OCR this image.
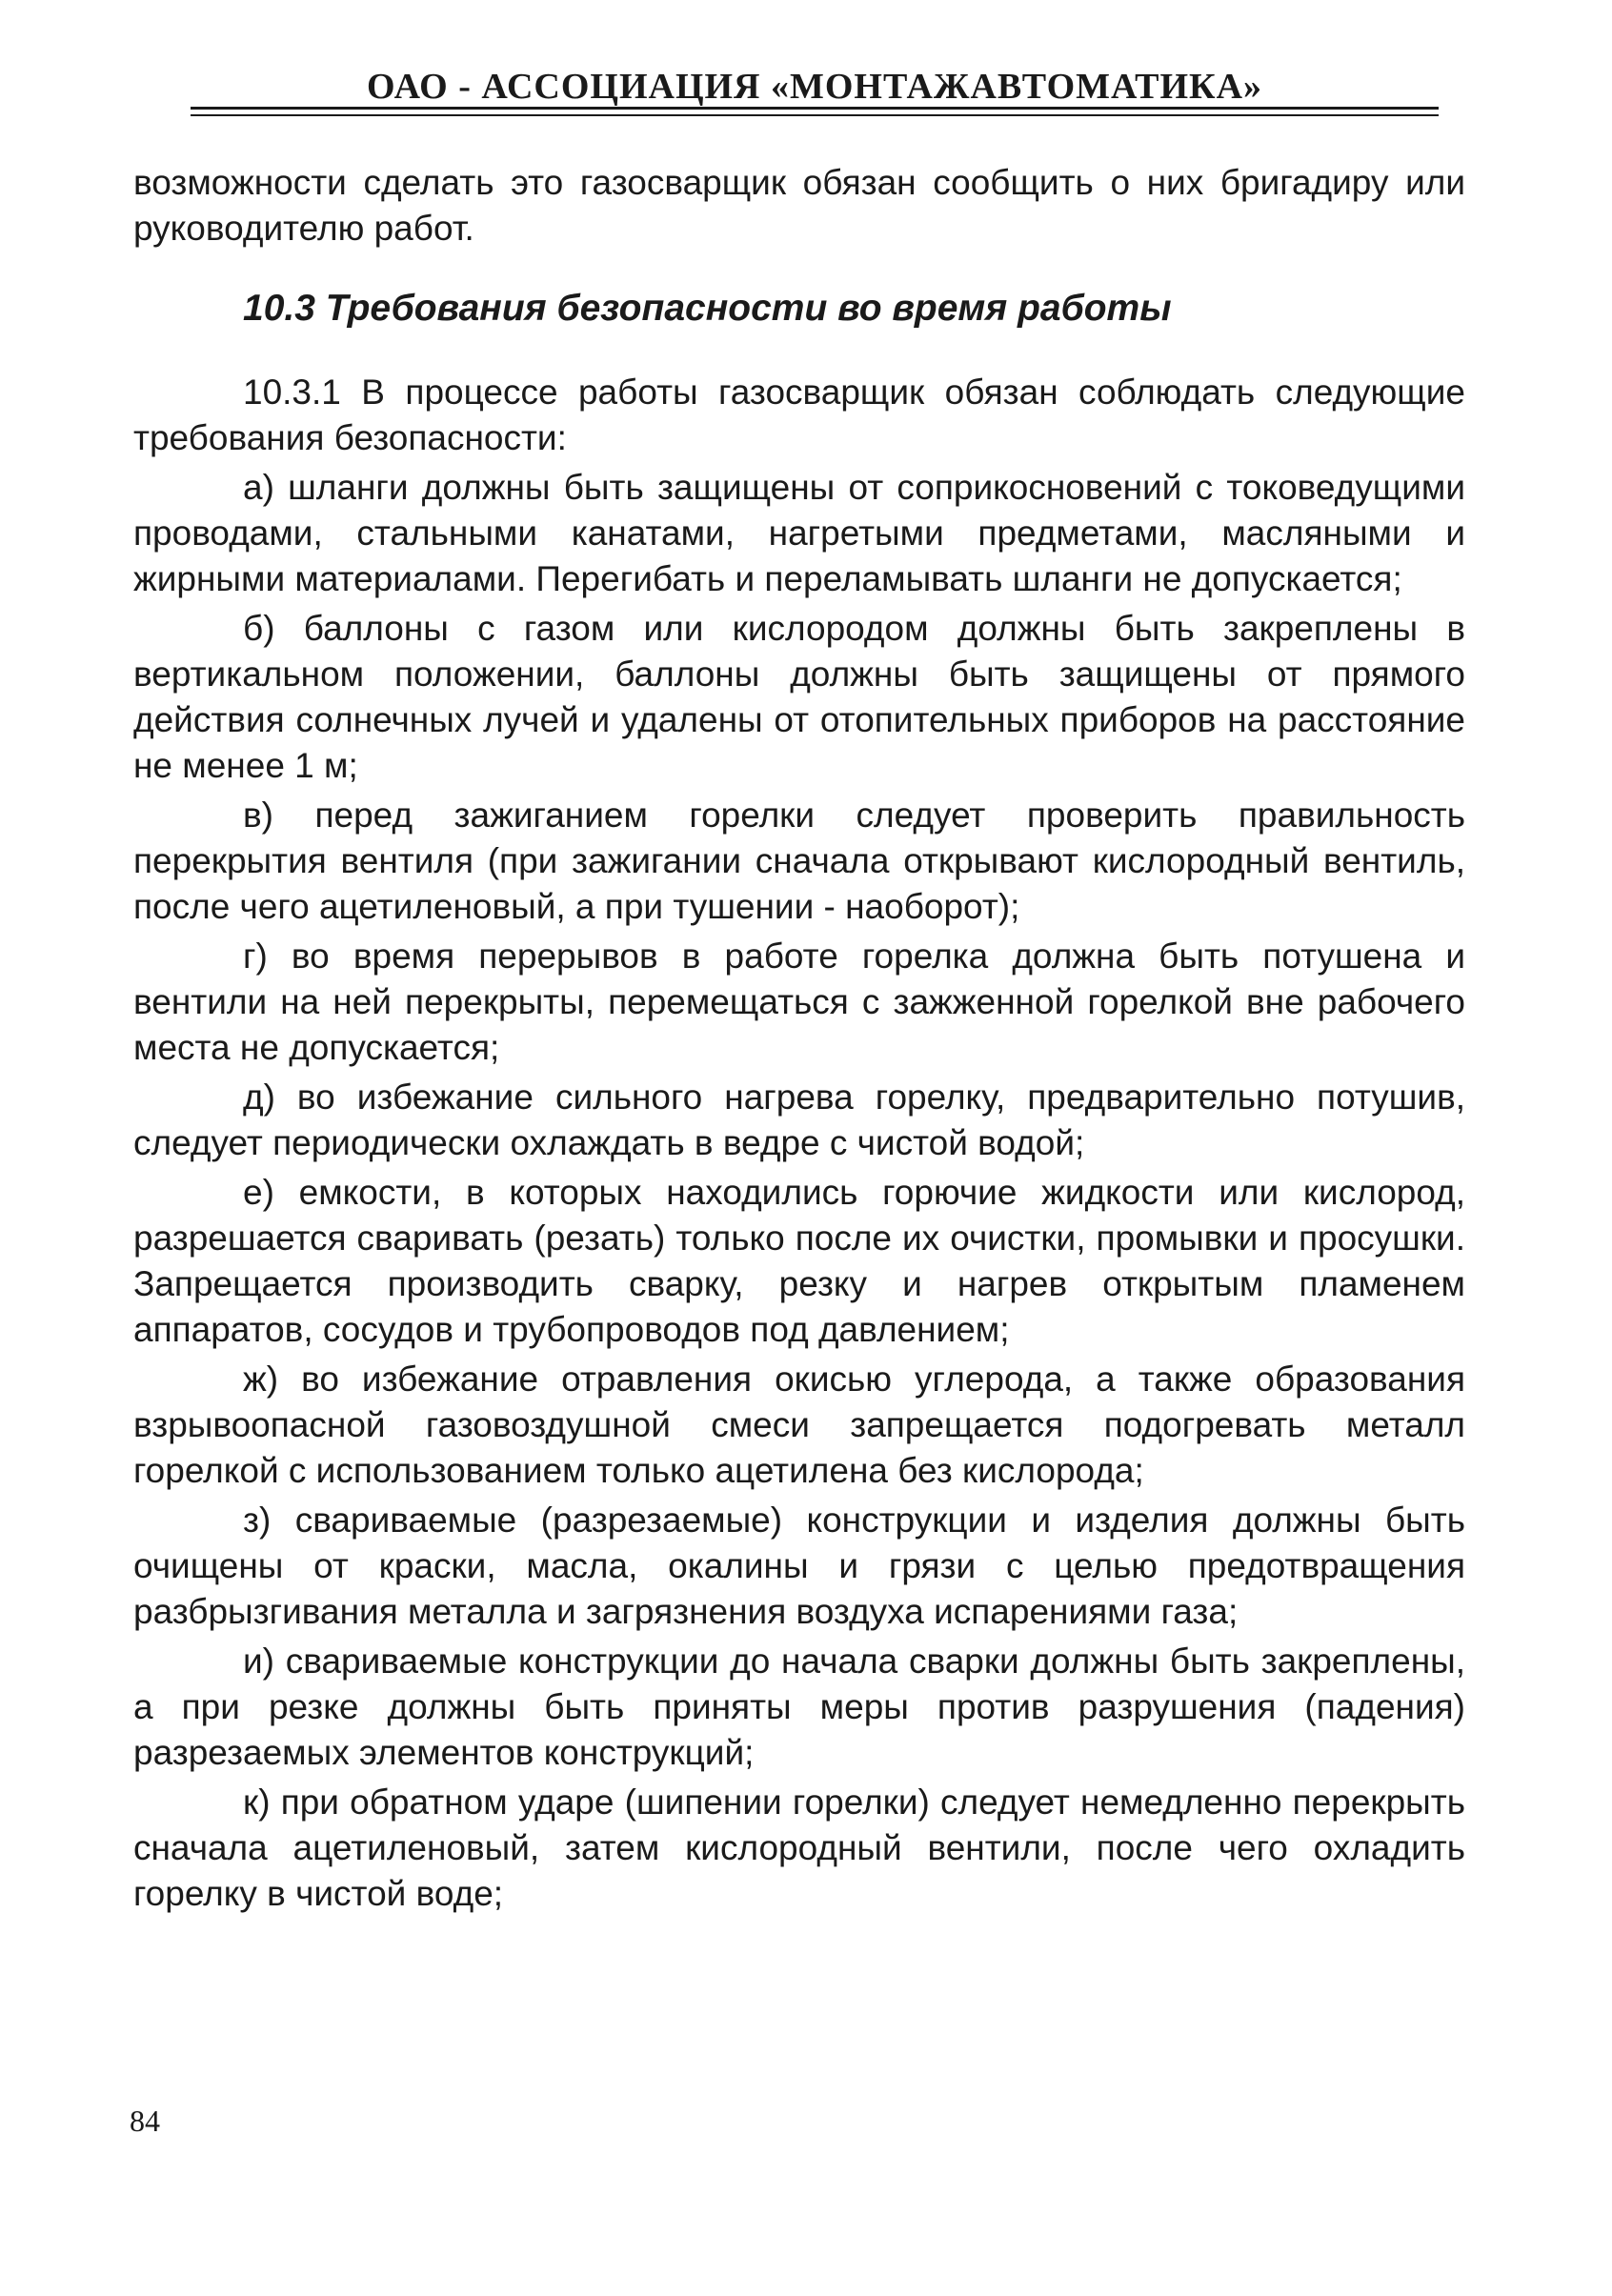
ОАО - АССОЦИАЦИЯ «МОНТАЖАВТОМАТИКА»

возможности сделать это газосварщик обязан сообщить о них бригадиру или руководителю работ.

10.3 Требования безопасности во время работы

10.3.1 В процессе работы газосварщик обязан соблюдать следующие требования безопасности:

а) шланги должны быть защищены от соприкосновений с токоведущими проводами, стальными канатами, нагретыми предметами, масляными и жирными материалами. Перегибать и переламывать шланги не допускается;

б) баллоны с газом или кислородом должны быть закреплены в вертикальном положении, баллоны должны быть защищены от прямого действия солнечных лучей и удалены от отопительных приборов на расстояние не менее 1 м;

в) перед зажиганием горелки следует проверить правильность перекрытия вентиля (при зажигании сначала открывают кислородный вентиль, после чего ацетиленовый, а при тушении - наоборот);

г) во время перерывов в работе горелка должна быть потушена и вентили на ней перекрыты, перемещаться с зажженной горелкой вне рабочего места не допускается;

д) во избежание сильного нагрева горелку, предварительно потушив, следует периодически охлаждать в ведре с чистой водой;

е) емкости, в которых находились горючие жидкости или кислород, разрешается сваривать (резать) только после их очистки, промывки и просушки. Запрещается производить сварку, резку и нагрев открытым пламенем аппаратов, сосудов и трубопроводов под давлением;

ж) во избежание отравления окисью углерода, а также образования взрывоопасной газовоздушной смеси запрещается подогревать металл горелкой с использованием только ацетилена без кислорода;

з) свариваемые (разрезаемые) конструкции и изделия должны быть очищены от краски, масла, окалины и грязи с целью предотвращения разбрызгивания металла и загрязнения воздуха испарениями газа;

и) свариваемые конструкции до начала сварки должны быть закреплены, а при резке должны быть приняты меры против разрушения (падения) разрезаемых элементов конструкций;

к) при обратном ударе (шипении горелки) следует немедленно перекрыть сначала ацетиленовый, затем кислородный вентили, после чего охладить горелку в чистой воде;

84
